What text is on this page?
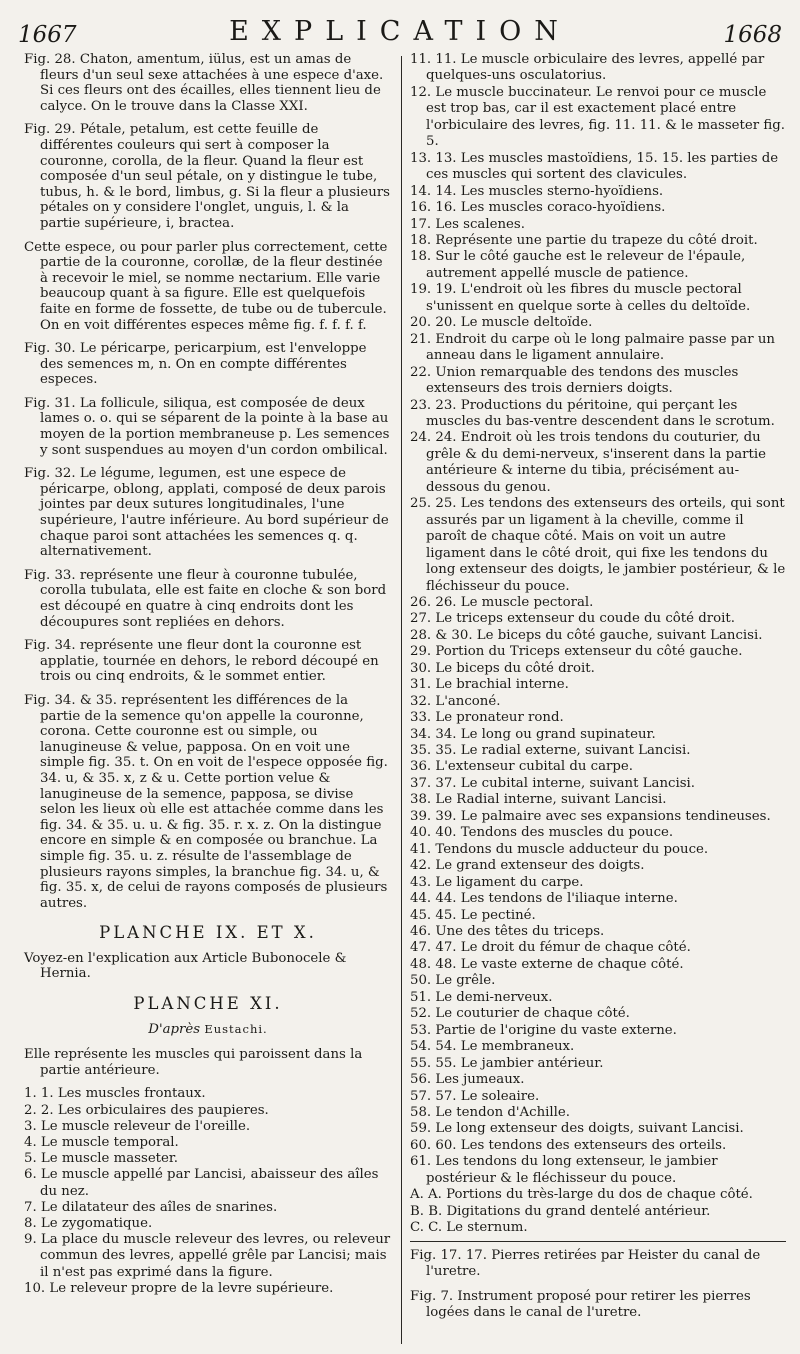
1667	EXPLICATION	1668

Fig. 28. Chaton, amentum, iülus, est un amas de fleurs d'un seul sexe attachées à une espece d'axe. Si ces fleurs ont des écailles, elles tiennent lieu de calyce. On le trouve dans la Classe XXI.

Fig. 29. Pétale, petalum, est cette feuille de différentes couleurs qui sert à composer la couronne, corolla, de la fleur. Quand la fleur est composée d'un seul pétale, on y distingue le tube, tubus, h. & le bord, limbus, g. Si la fleur a plusieurs pétales on y considere l'onglet, unguis, l. & la partie supérieure, i, bractea.

Cette espece, ou pour parler plus correctement, cette partie de la couronne, corollæ, de la fleur destinée à recevoir le miel, se nomme nectarium. Elle varie beaucoup quant à sa figure. Elle est quelquefois faite en forme de fossette, de tube ou de tubercule. On en voit différentes especes même fig. f. f. f. f.

Fig. 30. Le péricarpe, pericarpium, est l'enveloppe des semences m, n. On en compte différentes especes.

Fig. 31. La follicule, siliqua, est composée de deux lames o. o. qui se séparent de la pointe à la base au moyen de la portion membraneuse p. Les semences y sont suspendues au moyen d'un cordon ombilical.

Fig. 32. Le légume, legumen, est une espece de péricarpe, oblong, applati, composé de deux parois jointes par deux sutures longitudinales, l'une supérieure, l'autre inférieure. Au bord supérieur de chaque paroi sont attachées les semences q. q. alternativement.

Fig. 33. représente une fleur à couronne tubulée, corolla tubulata, elle est faite en cloche & son bord est découpé en quatre à cinq endroits dont les découpures sont repliées en dehors.

Fig. 34. représente une fleur dont la couronne est applatie, tournée en dehors, le rebord découpé en trois ou cinq endroits, & le sommet entier.

Fig. 34. & 35. représentent les différences de la partie de la semence qu'on appelle la couronne, corona. Cette couronne est ou simple, ou lanugineuse & velue, papposa. On en voit une simple fig. 35. t. On en voit de l'espece opposée fig. 34. u, & 35. x, z & u. Cette portion velue & lanugineuse de la semence, papposa, se divise selon les lieux où elle est attachée comme dans les fig. 34. & 35. u. u. & fig. 35. r. x. z. On la distingue encore en simple & en composée ou branchue. La simple fig. 35. u. z. résulte de l'assemblage de plusieurs rayons simples, la branchue fig. 34. u, & fig. 35. x, de celui de rayons composés de plusieurs autres.

PLANCHE IX. ET X.

Voyez-en l'explication aux Article Bubonocele & Hernia.

PLANCHE XI.
D'après Eustachi.

Elle représente les muscles qui paroissent dans la partie antérieure.

1. 1. Les muscles frontaux.

2. 2. Les orbiculaires des paupieres.

3. Le muscle releveur de l'oreille.

4. Le muscle temporal.

5. Le muscle masseter.

6. Le muscle appellé par Lancisi, abaisseur des aîles du nez.

7. Le dilatateur des aîles de snarines.

8. Le zygomatique.

9. La place du muscle releveur des levres, ou releveur commun des levres, appellé grêle par Lancisi; mais il n'est pas exprimé dans la figure.

10. Le releveur propre de la levre supérieure.

11. 11. Le muscle orbiculaire des levres, appellé par quelques-uns osculatorius.

12. Le muscle buccinateur. Le renvoi pour ce muscle est trop bas, car il est exactement placé entre l'orbiculaire des levres, fig. 11. 11. & le masseter fig. 5.

13. 13. Les muscles mastoïdiens, 15. 15. les parties de ces muscles qui sortent des clavicules.

14. 14. Les muscles sterno-hyoïdiens.

16. 16. Les muscles coraco-hyoïdiens.

17. Les scalenes.

18. Représente une partie du trapeze du côté droit.

18. Sur le côté gauche est le releveur de l'épaule, autrement appellé muscle de patience.

19. 19. L'endroit où les fibres du muscle pectoral s'unissent en quelque sorte à celles du deltoïde.

20. 20. Le muscle deltoïde.

21. Endroit du carpe où le long palmaire passe par un anneau dans le ligament annulaire.

22. Union remarquable des tendons des muscles extenseurs des trois derniers doigts.

23. 23. Productions du péritoine, qui perçant les muscles du bas-ventre descendent dans le scrotum.

24. 24. Endroit où les trois tendons du couturier, du grêle & du demi-nerveux, s'inserent dans la partie antérieure & interne du tibia, précisément au-dessous du genou.

25. 25. Les tendons des extenseurs des orteils, qui sont assurés par un ligament à la cheville, comme il paroît de chaque côté. Mais on voit un autre ligament dans le côté droit, qui fixe les tendons du long extenseur des doigts, le jambier postérieur, & le fléchisseur du pouce.

26. 26. Le muscle pectoral.

27. Le triceps extenseur du coude du côté droit.

28. & 30. Le biceps du côté gauche, suivant Lancisi.

29. Portion du Triceps extenseur du côté gauche.

30. Le biceps du côté droit.

31. Le brachial interne.

32. L'anconé.

33. Le pronateur rond.

34. 34. Le long ou grand supinateur.

35. 35. Le radial externe, suivant Lancisi.

36. L'extenseur cubital du carpe.

37. 37. Le cubital interne, suivant Lancisi.

38. Le Radial interne, suivant Lancisi.

39. 39. Le palmaire avec ses expansions tendineuses.

40. 40. Tendons des muscles du pouce.

41. Tendons du muscle adducteur du pouce.

42. Le grand extenseur des doigts.

43. Le ligament du carpe.

44. 44. Les tendons de l'iliaque interne.

45. 45. Le pectiné.

46. Une des têtes du triceps.

47. 47. Le droit du fémur de chaque côté.

48. 48. Le vaste externe de chaque côté.

50. Le grêle.

51. Le demi-nerveux.

52. Le couturier de chaque côté.

53. Partie de l'origine du vaste externe.

54. 54. Le membraneux.

55. 55. Le jambier antérieur.

56. Les jumeaux.

57. 57. Le soleaire.

58. Le tendon d'Achille.

59. Le long extenseur des doigts, suivant Lancisi.

60. 60. Les tendons des extenseurs des orteils.

61. Les tendons du long extenseur, le jambier postérieur & le fléchisseur du pouce.

A. A. Portions du très-large du dos de chaque côté.

B. B. Digitations du grand dentelé antérieur.

C. C. Le sternum.

Fig. 17. 17. Pierres retirées par Heister du canal de l'uretre.

Fig. 7. Instrument proposé pour retirer les pierres logées dans le canal de l'uretre.
